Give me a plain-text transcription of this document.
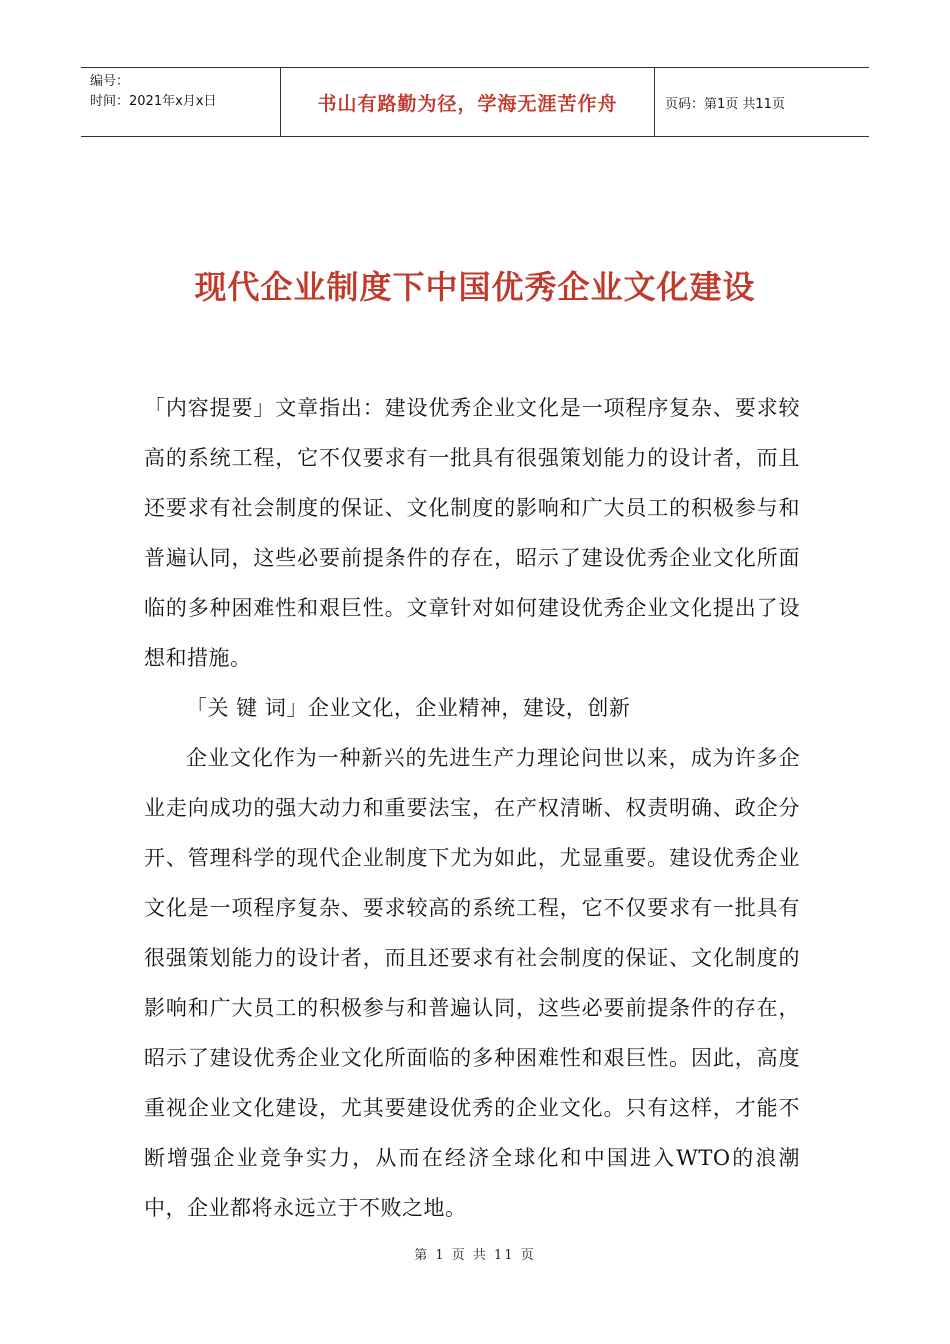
编号：
时间：2021年x月x日	书山有路勤为径，学海无涯苦作舟	页码：第1页 共11页
现代企业制度下中国优秀企业文化建设

「内容提要」文章指出：建设优秀企业文化是一项程序复杂、要求较高的系统工程，它不仅要求有一批具有很强策划能力的设计者，而且还要求有社会制度的保证、文化制度的影响和广大员工的积极参与和普遍认同，这些必要前提条件的存在，昭示了建设优秀企业文化所面临的多种困难性和艰巨性。文章针对如何建设优秀企业文化提出了设想和措施。

「关 键 词」企业文化，企业精神，建设，创新

企业文化作为一种新兴的先进生产力理论问世以来，成为许多企业走向成功的强大动力和重要法宝，在产权清晰、权责明确、政企分开、管理科学的现代企业制度下尤为如此，尤显重要。建设优秀企业文化是一项程序复杂、要求较高的系统工程，它不仅要求有一批具有很强策划能力的设计者，而且还要求有社会制度的保证、文化制度的影响和广大员工的积极参与和普遍认同，这些必要前提条件的存在，昭示了建设优秀企业文化所面临的多种困难性和艰巨性。因此，高度重视企业文化建设，尤其要建设优秀的企业文化。只有这样，才能不断增强企业竞争实力，从而在经济全球化和中国进入WTO的浪潮中，企业都将永远立于不败之地。

第 1 页 共 11 页
